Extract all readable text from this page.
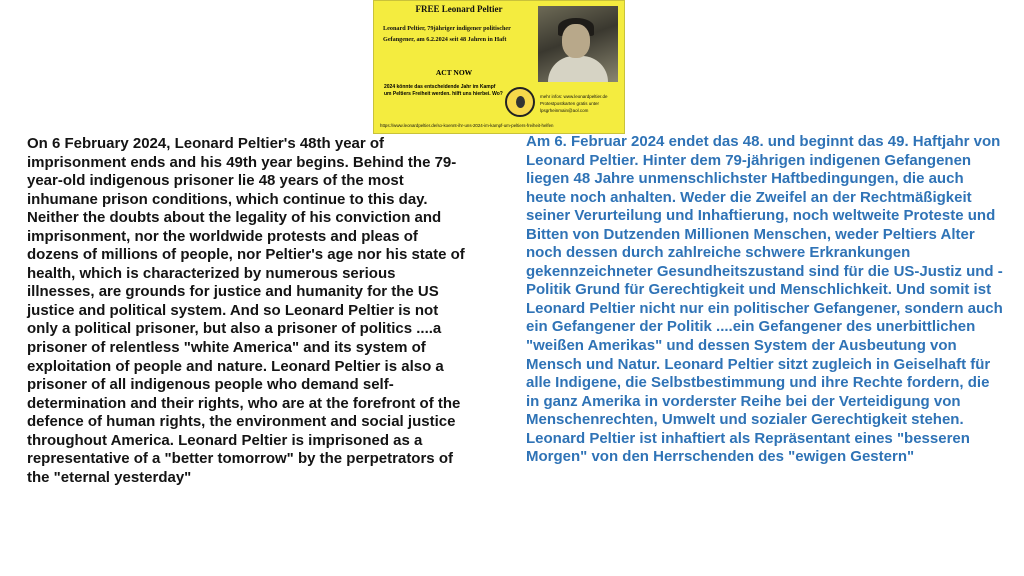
FREE Leonard Peltier
Leonard Peltier, 79jähriger indigener politischer Gefangener, am 6.2.2024 seit 48 Jahren in Haft
ACT NOW
2024 könnte das entscheidende Jahr im Kampf um Peltiers Freiheit werden. hilft uns hierbei. Wo?	mehr infos: www.leonardpeltier.de Protestpostkarten gratis unter lpsgrheinmain@aol.com
https://www.leonardpeltier.de/so-koennt-ihr-uns-2024-im-kampf-um-peltiers-freiheit-helfen
On 6 February 2024, Leonard Peltier's 48th year of imprisonment ends and his 49th year begins. Behind the 79-year-old indigenous prisoner lie 48 years of the most inhumane prison conditions, which continue to this day. Neither the doubts about the legality of his conviction and imprisonment, nor the worldwide protests and pleas of dozens of millions of people, nor Peltier's age nor his state of health, which is characterized by numerous serious illnesses, are grounds for justice and humanity for the US justice and political system. And so Leonard Peltier is not only a political prisoner, but also a prisoner of politics ....a prisoner of relentless "white America" and its system of exploitation of people and nature. Leonard Peltier is also a prisoner of all indigenous people who demand self-determination and their rights, who are at the forefront of the defence of human rights, the environment and social justice throughout America. Leonard Peltier is imprisoned as a representative of a "better tomorrow" by the perpetrators of the "eternal yesterday"
Am 6. Februar 2024 endet das 48. und beginnt das 49. Haftjahr von Leonard Peltier. Hinter dem 79-jährigen indigenen Gefangenen liegen 48 Jahre unmenschlichster Haftbedingungen, die auch heute noch anhalten. Weder die Zweifel an der Rechtmäßigkeit seiner Verurteilung und Inhaftierung, noch weltweite Proteste und Bitten von Dutzenden Millionen Menschen, weder Peltiers Alter noch dessen durch zahlreiche schwere Erkrankungen gekennzeichneter Gesundheitszustand sind für die US-Justiz und - Politik Grund für Gerechtigkeit und Menschlichkeit. Und somit ist Leonard Peltier nicht nur ein politischer Gefangener, sondern auch ein Gefangener der Politik ....ein Gefangener des unerbittlichen "weißen Amerikas" und dessen System der Ausbeutung von Mensch und Natur. Leonard Peltier sitzt zugleich in Geiselhaft für alle Indigene, die Selbstbestimmung und ihre Rechte fordern, die in ganz Amerika in vorderster Reihe bei der Verteidigung von Menschenrechten, Umwelt und sozialer Gerechtigkeit stehen. Leonard Peltier ist inhaftiert als Repräsentant eines "besseren Morgen" von den Herrschenden des "ewigen Gestern"
